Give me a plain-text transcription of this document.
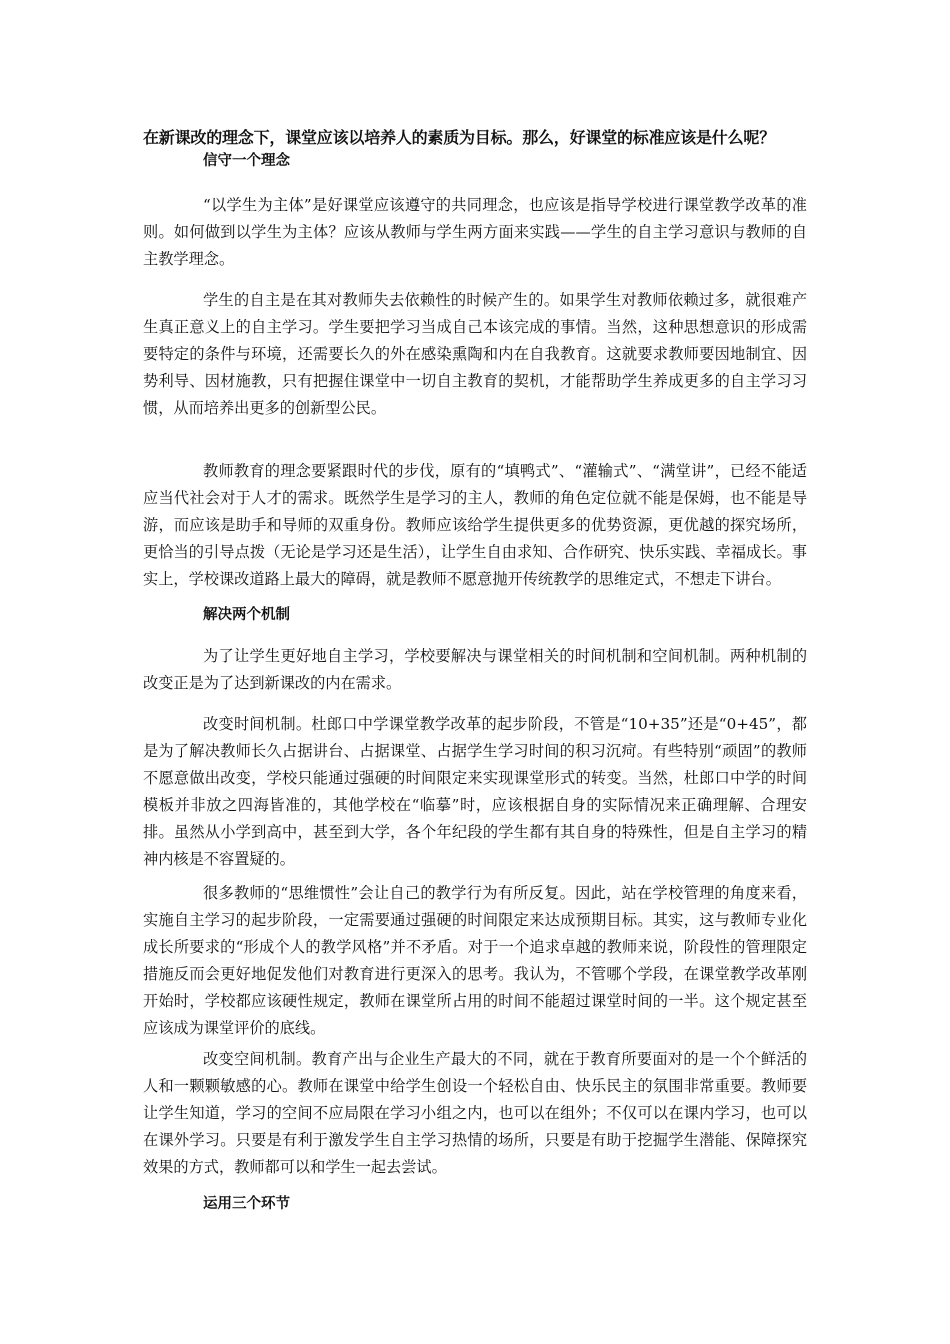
在新课改的理念下，课堂应该以培养人的素质为目标。那么，好课堂的标准应该是什么呢？
信守一个理念

“以学生为主体”是好课堂应该遵守的共同理念，也应该是指导学校进行课堂教学改革的准则。如何做到以学生为主体？应该从教师与学生两方面来实践——学生的自主学习意识与教师的自主教学理念。

学生的自主是在其对教师失去依赖性的时候产生的。如果学生对教师依赖过多，就很难产生真正意义上的自主学习。学生要把学习当成自己本该完成的事情。当然，这种思想意识的形成需要特定的条件与环境，还需要长久的外在感染熏陶和内在自我教育。这就要求教师要因地制宜、因势利导、因材施教，只有把握住课堂中一切自主教育的契机，才能帮助学生养成更多的自主学习习惯，从而培养出更多的创新型公民。

教师教育的理念要紧跟时代的步伐，原有的“填鸭式”、“灌输式”、“满堂讲”，已经不能适应当代社会对于人才的需求。既然学生是学习的主人，教师的角色定位就不能是保姆，也不能是导游，而应该是助手和导师的双重身份。教师应该给学生提供更多的优势资源，更优越的探究场所，更恰当的引导点拨（无论是学习还是生活），让学生自由求知、合作研究、快乐实践、幸福成长。事实上，学校课改道路上最大的障碍，就是教师不愿意抛开传统教学的思维定式，不想走下讲台。

解决两个机制

为了让学生更好地自主学习，学校要解决与课堂相关的时间机制和空间机制。两种机制的改变正是为了达到新课改的内在需求。

改变时间机制。杜郎口中学课堂教学改革的起步阶段，不管是“10+35”还是“0+45”，都是为了解决教师长久占据讲台、占据课堂、占据学生学习时间的积习沉疴。有些特别“顽固”的教师不愿意做出改变，学校只能通过强硬的时间限定来实现课堂形式的转变。当然，杜郎口中学的时间模板并非放之四海皆准的，其他学校在“临摹”时，应该根据自身的实际情况来正确理解、合理安排。虽然从小学到高中，甚至到大学，各个年纪段的学生都有其自身的特殊性，但是自主学习的精神内核是不容置疑的。

很多教师的“思维惯性”会让自己的教学行为有所反复。因此，站在学校管理的角度来看，实施自主学习的起步阶段，一定需要通过强硬的时间限定来达成预期目标。其实，这与教师专业化成长所要求的“形成个人的教学风格”并不矛盾。对于一个追求卓越的教师来说，阶段性的管理限定措施反而会更好地促发他们对教育进行更深入的思考。我认为，不管哪个学段，在课堂教学改革刚开始时，学校都应该硬性规定，教师在课堂所占用的时间不能超过课堂时间的一半。这个规定甚至应该成为课堂评价的底线。

改变空间机制。教育产出与企业生产最大的不同，就在于教育所要面对的是一个个鲜活的人和一颗颗敏感的心。教师在课堂中给学生创设一个轻松自由、快乐民主的氛围非常重要。教师要让学生知道，学习的空间不应局限在学习小组之内，也可以在组外；不仅可以在课内学习，也可以在课外学习。只要是有利于激发学生自主学习热情的场所，只要是有助于挖掘学生潜能、保障探究效果的方式，教师都可以和学生一起去尝试。

运用三个环节
